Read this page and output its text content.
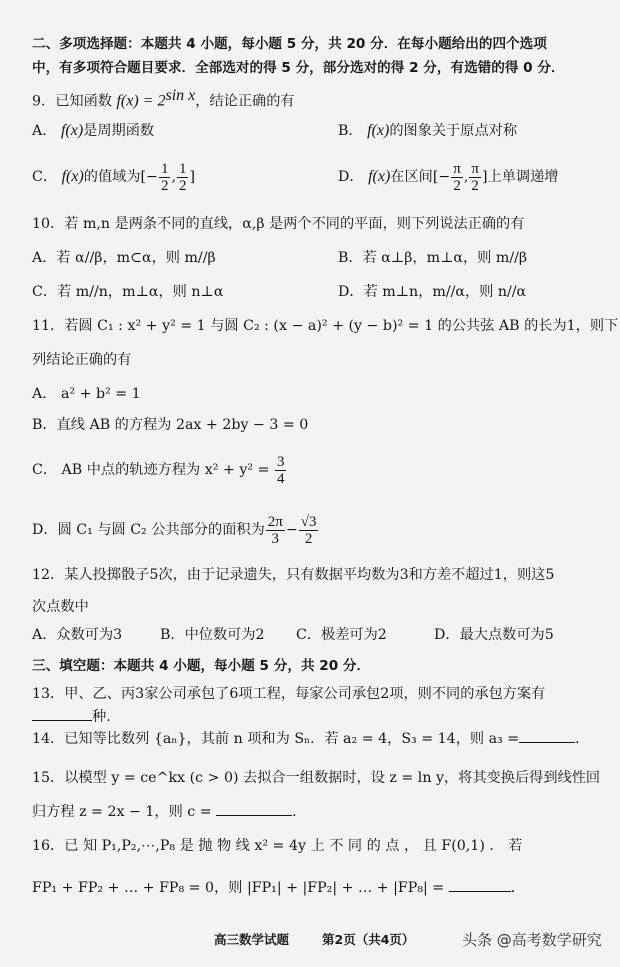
二、多项选择题：本题共 4 小题，每小题 5 分，共 20 分．在每小题给出的四个选项
中，有多项符合题目要求．全部选对的得 5 分，部分选对的得 2 分，有选错的得 0 分．
9．已知函数 $f(x) = 2^{sin x}$，结论正确的有
A． f(x)是周期函数	B． f(x)的图象关于原点对称
C． f(x)的值域为[− $\frac{1}{2}$ , $\frac{1}{2}$ ]	D． f(x)在区间[− $\frac{\pi}{2}$ , $\frac{\pi}{2}$ ]上单调递增
10．若 m,n 是两条不同的直线，α,β 是两个不同的平面，则下列说法正确的有
A．若 α//β，m⊂α，则 m//β	B．若 α⊥β，m⊥α，则 m//β
C．若 m//n，m⊥α，则 n⊥α	D．若 m⊥n，m//α，则 n//α
11．若圆 C₁ : x² + y² = 1 与圆 C₂ : (x − a)² + (y − b)² = 1 的公共弦 AB 的长为1，则下
列结论正确的有
A． a² + b² = 1
B．直线 AB 的方程为 2ax + 2by − 3 = 0
C． AB 中点的轨迹方程为 $x^2 + y^2 = \frac{3}{4}$
D．圆 C₁ 与圆 C₂ 公共部分的面积为 $\frac{2\pi}{3} - \frac{√3}{2}$
12．某人投掷骰子5次，由于记录遗失，只有数据平均数为3和方差不超过1，则这5
次点数中
A．众数可为3	B．中位数可为2 C．极差可为2	D．最大点数可为5
三、填空题：本题共 4 小题，每小题 5 分，共 20 分．
13．甲、乙、丙3家公司承包了6项工程，每家公司承包2项，则不同的承包方案有
种．
14．已知等比数列 {aₙ}，其前 n 项和为 Sₙ．若 a₂ = 4，S₃ = 14，则 a₃ =	．
15．以模型 y = ce^kx (c > 0) 去拟合一组数据时，设 z = ln y，将其变换后得到线性回
归方程 z = 2x − 1，则 c =	．
16．已 知 P₁,P₂,⋯,P₈ 是 抛 物 线 x² = 4y 上 不 同 的 点 ， 且 F(0,1) ． 若
FP₁ + FP₂ + … + FP₈ = 0，则 |FP₁| + |FP₂| + … + |FP₈| =	．
高三数学试题	第2页（共4页）	头条 @高考数学研究
